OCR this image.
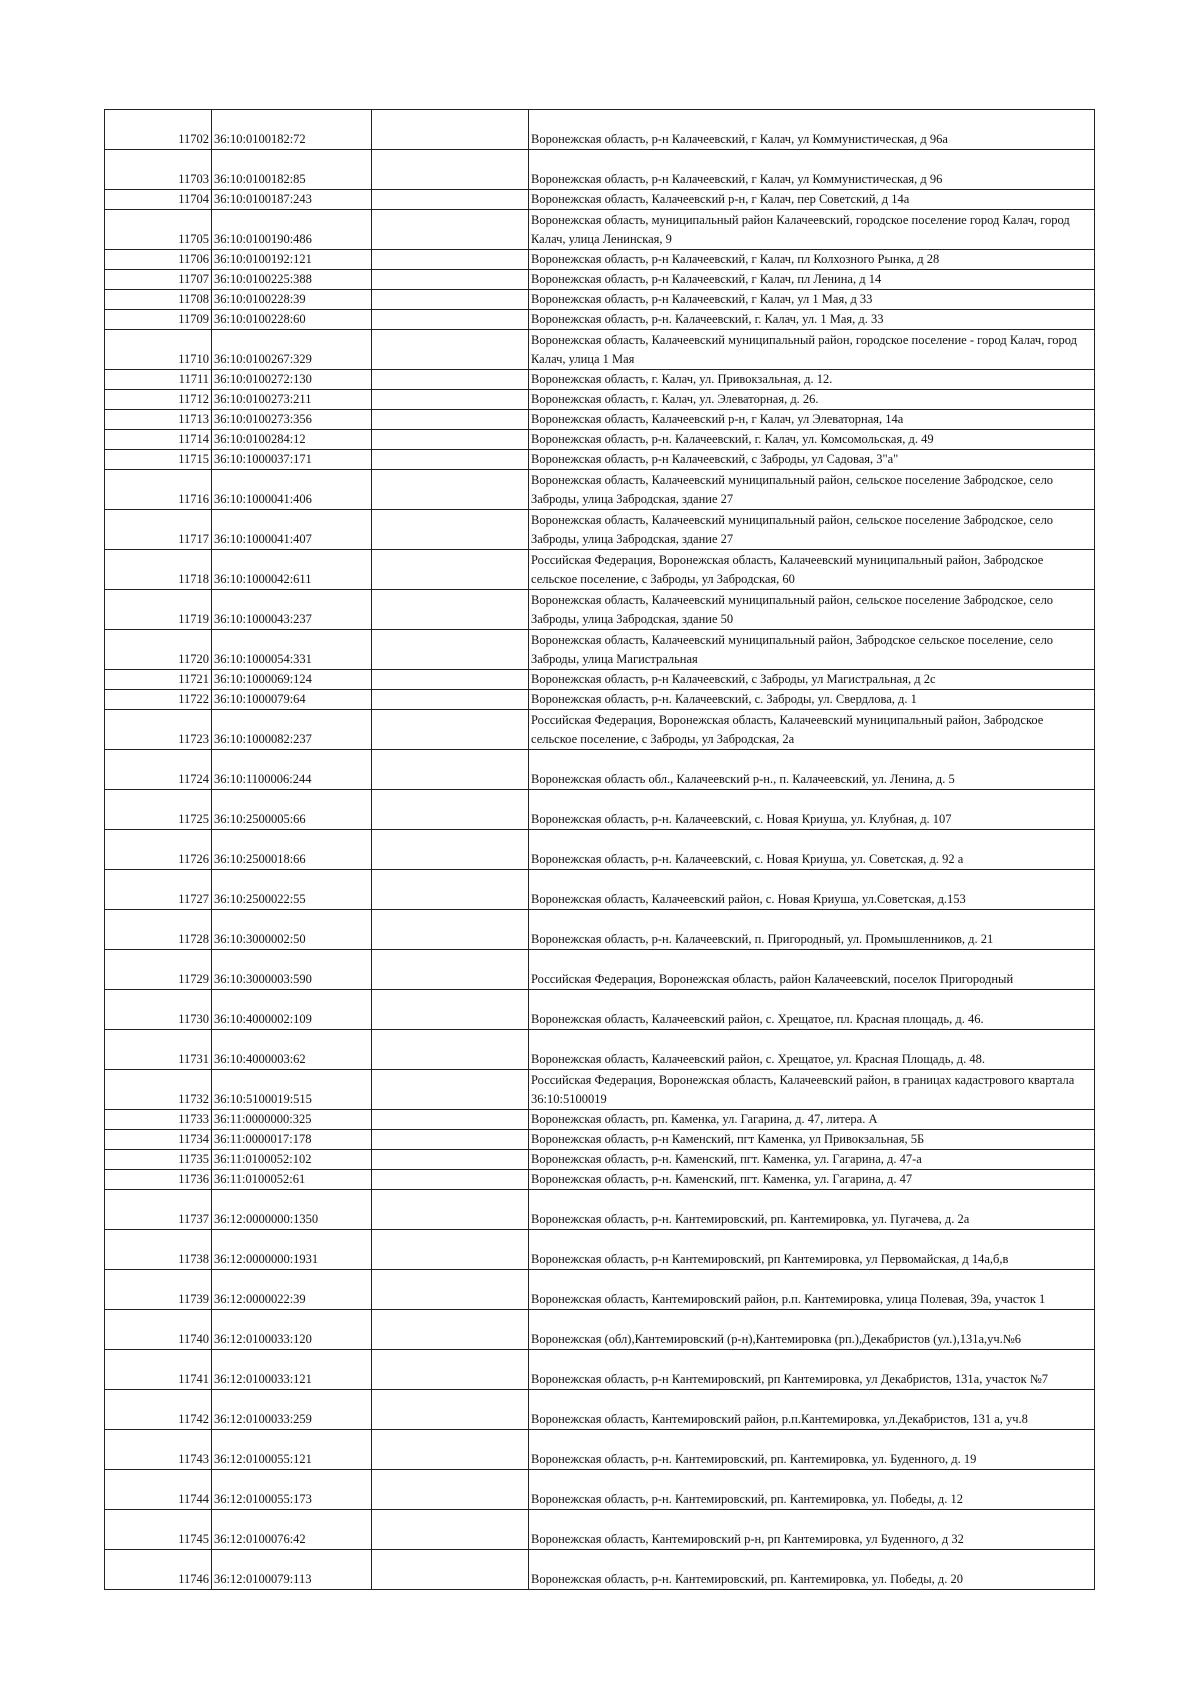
11702	36:10:0100182:72		Воронежская область, р-н Калачеевский, г Калач, ул Коммунистическая, д 96а
11703	36:10:0100182:85		Воронежская область, р-н Калачеевский, г Калач, ул Коммунистическая, д 96
11704	36:10:0100187:243		Воронежская область, Калачеевский р-н, г Калач, пер Советский, д 14а
11705	36:10:0100190:486		Воронежская область, муниципальный район Калачеевский, городское поселение город Калач, город Калач, улица Ленинская, 9
11706	36:10:0100192:121		Воронежская область, р-н Калачеевский, г Калач, пл Колхозного Рынка, д 28
11707	36:10:0100225:388		Воронежская область, р-н Калачеевский, г Калач, пл Ленина, д 14
11708	36:10:0100228:39		Воронежская область, р-н Калачеевский, г Калач, ул 1 Мая, д 33
11709	36:10:0100228:60		Воронежская область, р-н. Калачеевский, г. Калач, ул. 1 Мая, д. 33
11710	36:10:0100267:329		Воронежская область, Калачеевский муниципальный район, городское поселение - город Калач, город Калач, улица 1 Мая
11711	36:10:0100272:130		Воронежская область, г. Калач, ул. Привокзальная, д. 12.
11712	36:10:0100273:211		Воронежская область, г. Калач, ул. Элеваторная, д. 26.
11713	36:10:0100273:356		Воронежская область, Калачеевский р-н, г Калач, ул Элеваторная, 14а
11714	36:10:0100284:12		Воронежская область, р-н. Калачеевский, г. Калач, ул. Комсомольская, д. 49
11715	36:10:1000037:171		Воронежская область, р-н Калачеевский, с Заброды, ул Садовая, 3"а"
11716	36:10:1000041:406		Воронежская область, Калачеевский муниципальный район, сельское поселение Забродское, село Заброды, улица Забродская, здание 27
11717	36:10:1000041:407		Воронежская область, Калачеевский муниципальный район, сельское поселение Забродское, село Заброды, улица Забродская, здание 27
11718	36:10:1000042:611		Российская Федерация, Воронежская область, Калачеевский муниципальный район, Забродское сельское поселение, с Заброды, ул Забродская, 60
11719	36:10:1000043:237		Воронежская область, Калачеевский муниципальный район, сельское поселение Забродское, село Заброды, улица Забродская, здание 50
11720	36:10:1000054:331		Воронежская область, Калачеевский муниципальный район, Забродское сельское поселение, село Заброды, улица Магистральная
11721	36:10:1000069:124		Воронежская область, р-н Калачеевский, с Заброды, ул Магистральная, д 2с
11722	36:10:1000079:64		Воронежская область, р-н. Калачеевский, с. Заброды, ул. Свердлова, д. 1
11723	36:10:1000082:237		Российская Федерация, Воронежская область, Калачеевский муниципальный район, Забродское сельское поселение, с Заброды, ул Забродская, 2а
11724	36:10:1100006:244		Воронежская область обл., Калачеевский р-н., п. Калачеевский, ул. Ленина, д. 5
11725	36:10:2500005:66		Воронежская область, р-н. Калачеевский, с. Новая Криуша, ул. Клубная, д. 107
11726	36:10:2500018:66		Воронежская область, р-н. Калачеевский, с. Новая Криуша, ул. Советская, д. 92 а
11727	36:10:2500022:55		Воронежская область, Калачеевский район, с. Новая Криуша, ул.Советская, д.153
11728	36:10:3000002:50		Воронежская область, р-н. Калачеевский, п. Пригородный, ул. Промышленников, д. 21
11729	36:10:3000003:590		Российская Федерация, Воронежская область, район Калачеевский, поселок Пригородный
11730	36:10:4000002:109		Воронежская область, Калачеевский район, с. Хрещатое, пл. Красная площадь, д. 46.
11731	36:10:4000003:62		Воронежская область, Калачеевский район, с. Хрещатое, ул. Красная Площадь, д. 48.
11732	36:10:5100019:515		Российская Федерация, Воронежская область, Калачеевский район, в границах кадастрового квартала 36:10:5100019
11733	36:11:0000000:325		Воронежская область, рп. Каменка, ул. Гагарина, д. 47, литера. А
11734	36:11:0000017:178		Воронежская область, р-н Каменский, пгт Каменка, ул Привокзальная, 5Б
11735	36:11:0100052:102		Воронежская область, р-н. Каменский, пгт. Каменка, ул. Гагарина, д. 47-а
11736	36:11:0100052:61		Воронежская область, р-н. Каменский, пгт. Каменка, ул. Гагарина, д. 47
11737	36:12:0000000:1350		Воронежская область, р-н. Кантемировский, рп. Кантемировка, ул. Пугачева, д. 2а
11738	36:12:0000000:1931		Воронежская область, р-н Кантемировский, рп Кантемировка, ул Первомайская, д 14а,б,в
11739	36:12:0000022:39		Воронежская область, Кантемировский район, р.п. Кантемировка, улица Полевая, 39а, участок 1
11740	36:12:0100033:120		Воронежская (обл),Кантемировский (р-н),Кантемировка (рп.),Декабристов (ул.),131а,уч.№6
11741	36:12:0100033:121		Воронежская область, р-н Кантемировский, рп Кантемировка, ул Декабристов, 131а, участок №7
11742	36:12:0100033:259		Воронежская область, Кантемировский район, р.п.Кантемировка, ул.Декабристов, 131 а, уч.8
11743	36:12:0100055:121		Воронежская область, р-н. Кантемировский, рп. Кантемировка, ул. Буденного, д. 19
11744	36:12:0100055:173		Воронежская область, р-н. Кантемировский, рп. Кантемировка, ул. Победы, д. 12
11745	36:12:0100076:42		Воронежская область, Кантемировский р-н, рп Кантемировка, ул Буденного, д 32
11746	36:12:0100079:113		Воронежская область, р-н. Кантемировский, рп. Кантемировка, ул. Победы, д. 20
